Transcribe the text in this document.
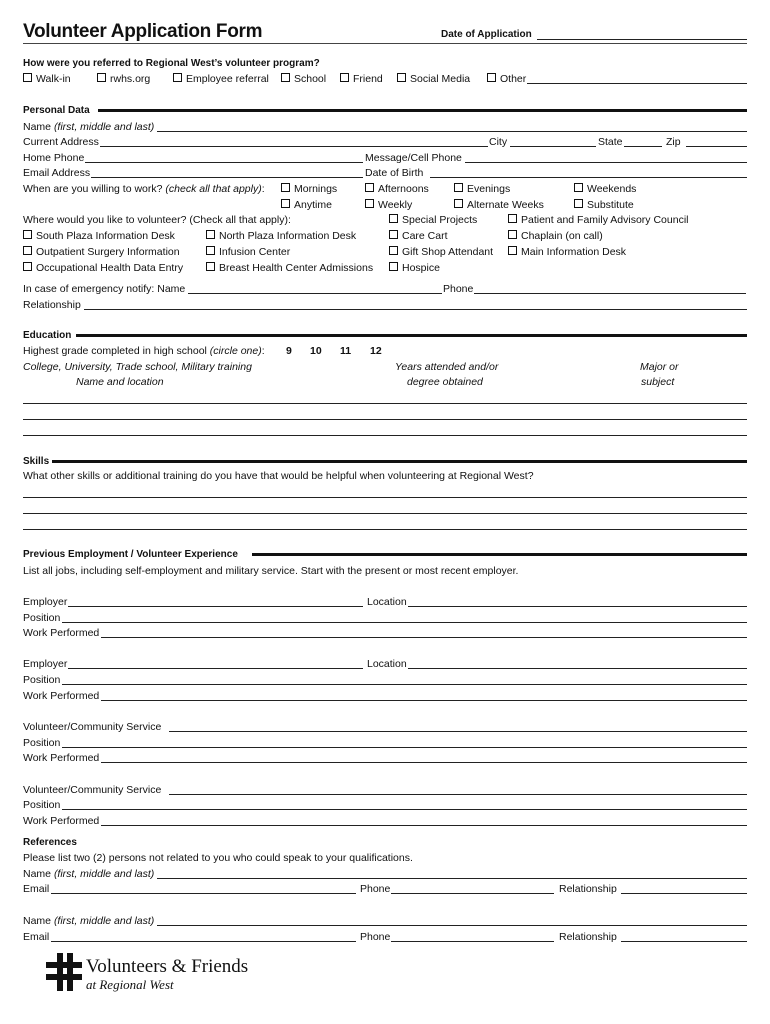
Volunteer Application Form	Date of Application
How were you referred to Regional West’s volunteer program?
Walk-in	rwhs.org	Employee referral	School	Friend	Social Media	Other
Personal Data
Name (first, middle and last)
Current Address	City	State	Zip
Home Phone	Message/Cell Phone
Email Address	Date of Birth
When are you willing to work? (check all that apply):	Mornings	Afternoons	Evenings	Weekends
Anytime	Weekly	Alternate Weeks	Substitute
Where would you like to volunteer? (Check all that apply):	Special Projects	Patient and Family Advisory Council
South Plaza Information Desk	North Plaza Information Desk	Care Cart	Chaplain (on call)
Outpatient Surgery Information	Infusion Center	Gift Shop Attendant	Main Information Desk
Occupational Health Data Entry	Breast Health Center Admissions	Hospice
In case of emergency notify: Name	Phone
Relationship
Education
Highest grade completed in high school (circle one): 9 10 11 12
College, University, Trade school, Military training
Name and location
Years attended and/or
degree obtained
Major or
subject
Skills
What other skills or additional training do you have that would be helpful when volunteering at Regional West?
Previous Employment / Volunteer Experience
List all jobs, including self-employment and military service. Start with the present or most recent employer.
Employer	Location
Position
Work Performed
Employer	Location
Position
Work Performed
Volunteer/Community Service
Position
Work Performed
Volunteer/Community Service
Position
Work Performed
References
Please list two (2) persons not related to you who could speak to your qualifications.
Name (first, middle and last)
Email	Phone	Relationship
Name (first, middle and last)
Email	Phone	Relationship
Volunteers & Friends
at Regional West
